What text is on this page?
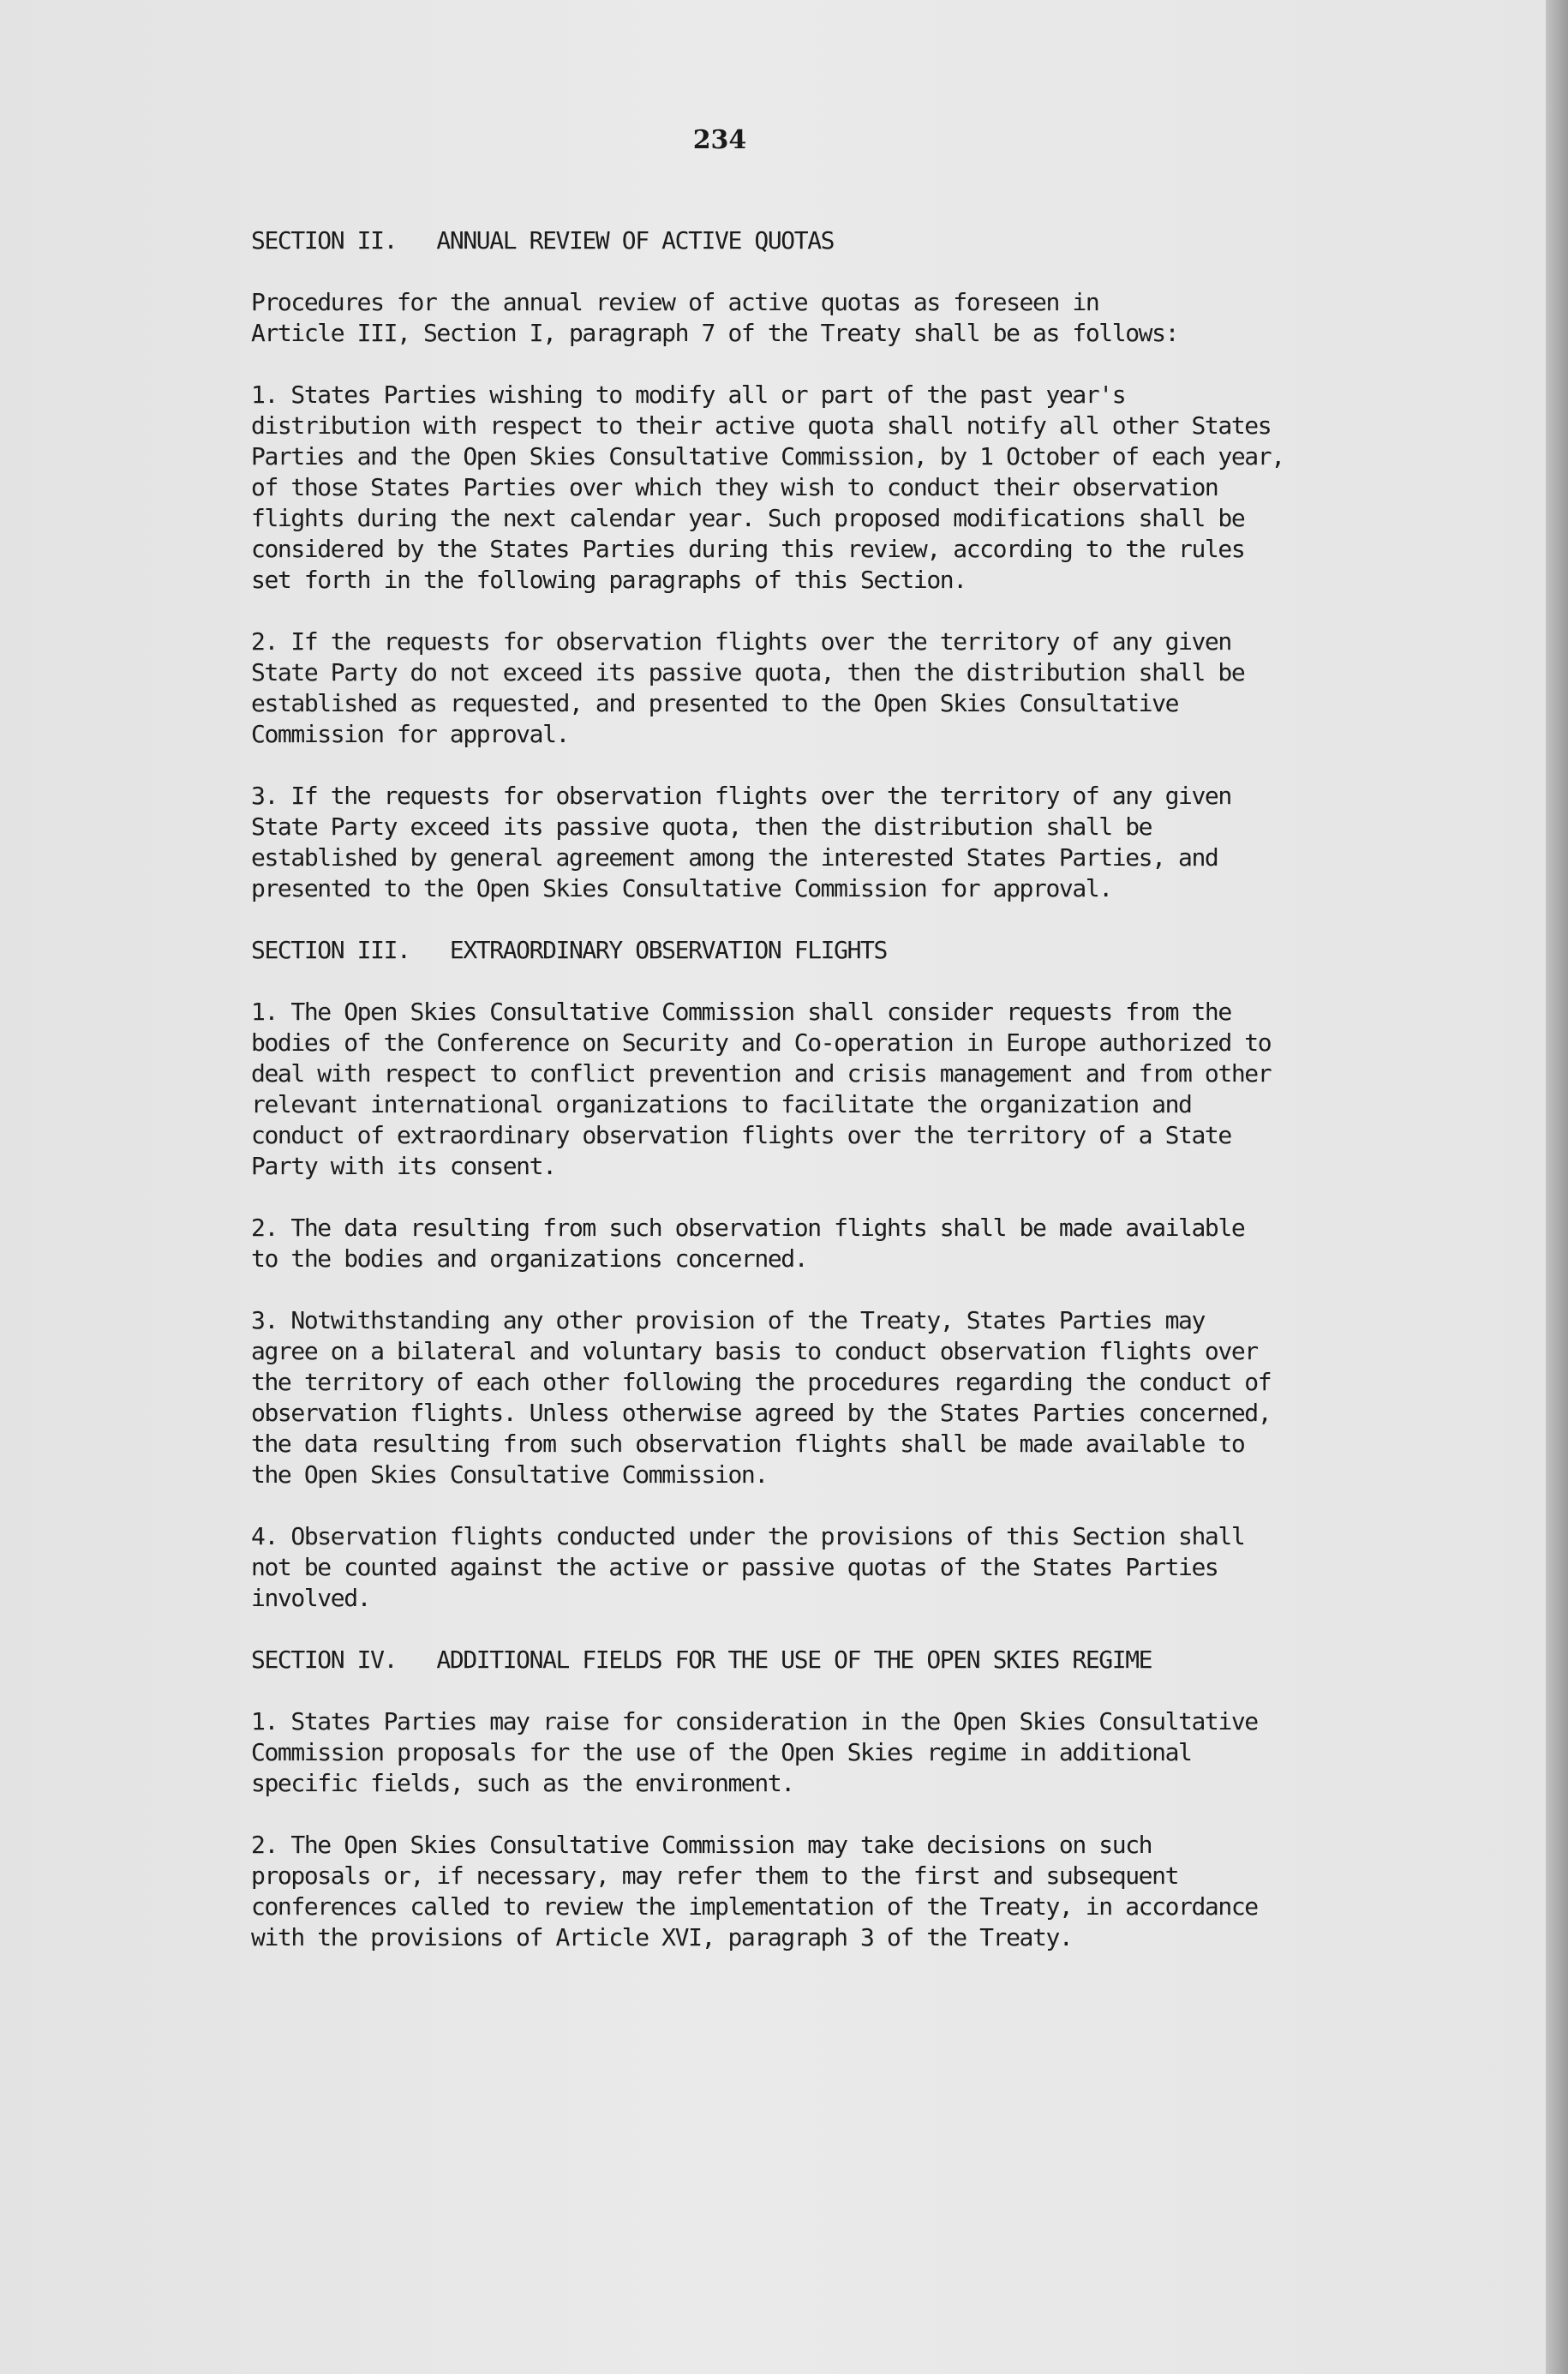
234
SECTION II.   ANNUAL REVIEW OF ACTIVE QUOTAS

Procedures for the annual review of active quotas as foreseen in
Article III, Section I, paragraph 7 of the Treaty shall be as follows:

1. States Parties wishing to modify all or part of the past year's
distribution with respect to their active quota shall notify all other States
Parties and the Open Skies Consultative Commission, by 1 October of each year,
of those States Parties over which they wish to conduct their observation
flights during the next calendar year. Such proposed modifications shall be
considered by the States Parties during this review, according to the rules
set forth in the following paragraphs of this Section.

2. If the requests for observation flights over the territory of any given
State Party do not exceed its passive quota, then the distribution shall be
established as requested, and presented to the Open Skies Consultative
Commission for approval.

3. If the requests for observation flights over the territory of any given
State Party exceed its passive quota, then the distribution shall be
established by general agreement among the interested States Parties, and
presented to the Open Skies Consultative Commission for approval.

SECTION III.   EXTRAORDINARY OBSERVATION FLIGHTS

1. The Open Skies Consultative Commission shall consider requests from the
bodies of the Conference on Security and Co-operation in Europe authorized to
deal with respect to conflict prevention and crisis management and from other
relevant international organizations to facilitate the organization and
conduct of extraordinary observation flights over the territory of a State
Party with its consent.

2. The data resulting from such observation flights shall be made available
to the bodies and organizations concerned.

3. Notwithstanding any other provision of the Treaty, States Parties may
agree on a bilateral and voluntary basis to conduct observation flights over
the territory of each other following the procedures regarding the conduct of
observation flights. Unless otherwise agreed by the States Parties concerned,
the data resulting from such observation flights shall be made available to
the Open Skies Consultative Commission.

4. Observation flights conducted under the provisions of this Section shall
not be counted against the active or passive quotas of the States Parties
involved.

SECTION IV.   ADDITIONAL FIELDS FOR THE USE OF THE OPEN SKIES REGIME

1. States Parties may raise for consideration in the Open Skies Consultative
Commission proposals for the use of the Open Skies regime in additional
specific fields, such as the environment.

2. The Open Skies Consultative Commission may take decisions on such
proposals or, if necessary, may refer them to the first and subsequent
conferences called to review the implementation of the Treaty, in accordance
with the provisions of Article XVI, paragraph 3 of the Treaty.
